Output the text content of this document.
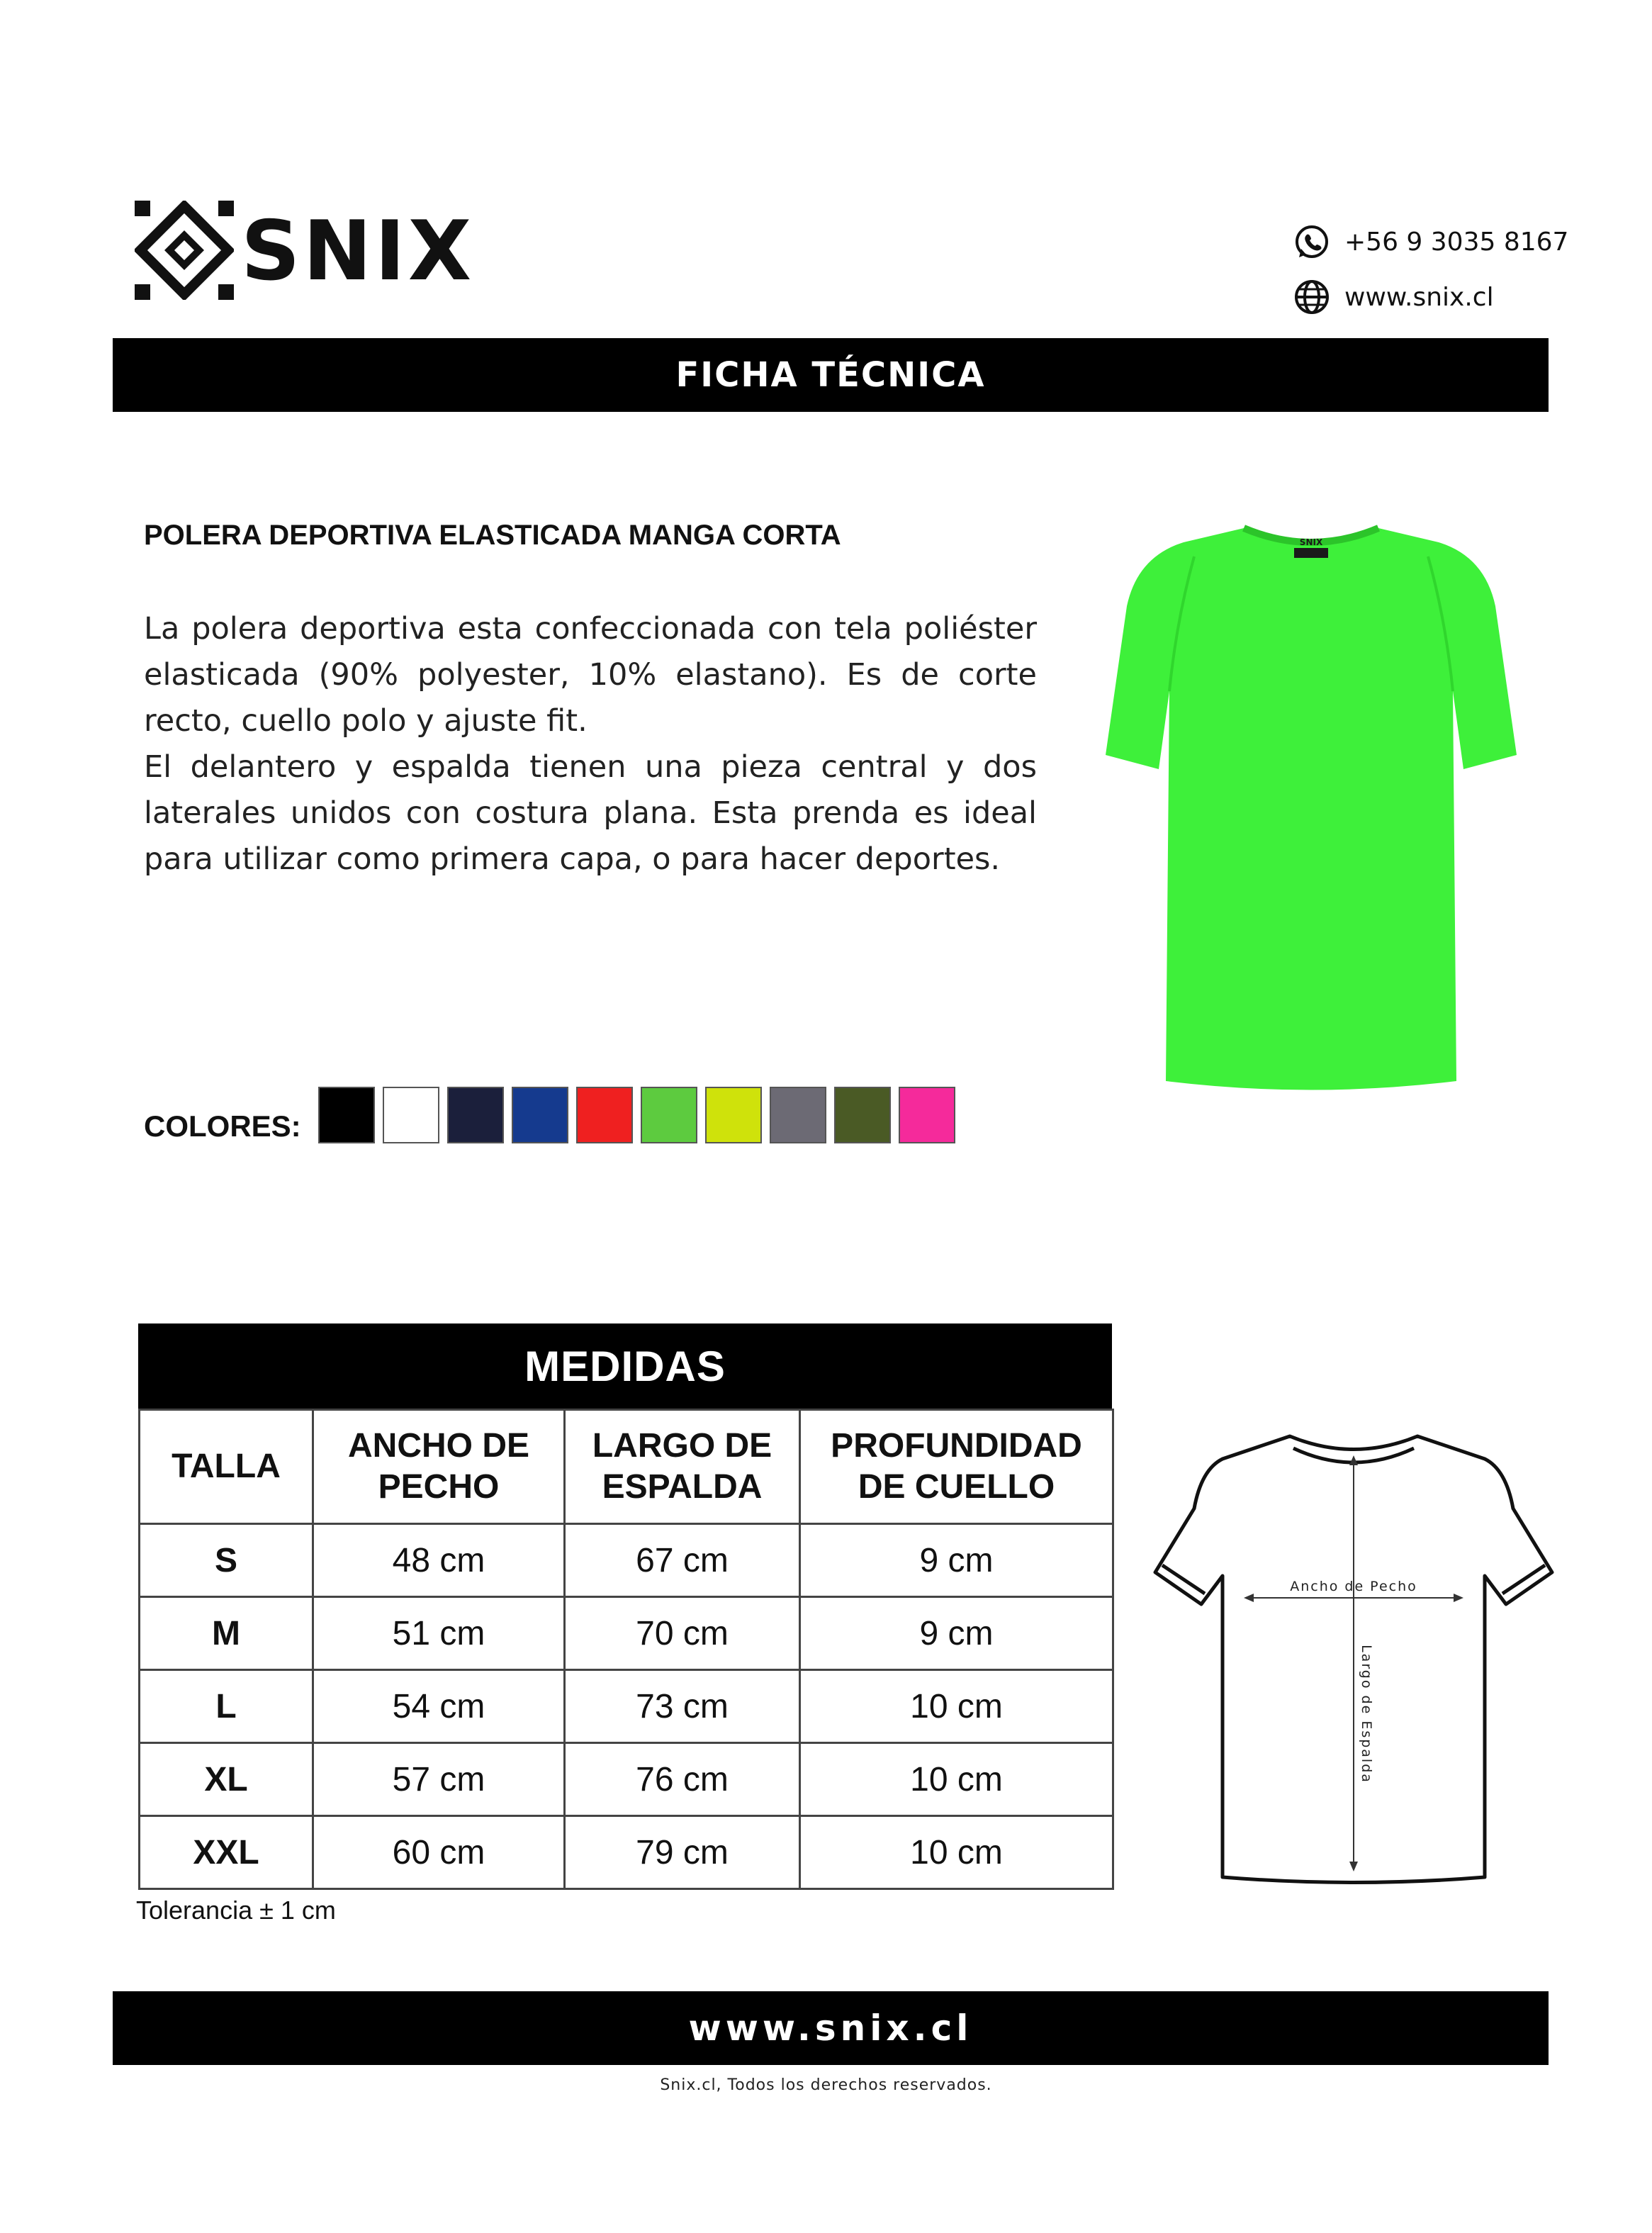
SNIX	+56 9 3035 8167
www.snix.cl
FICHA TÉCNICA
POLERA DEPORTIVA ELASTICADA MANGA CORTA

La polera deportiva esta confeccionada con tela poliéster elasticada (90% polyester, 10% elastano). Es de corte recto, cuello polo y ajuste fit.

El delantero y espalda tienen una pieza central y dos laterales unidos con costura plana. Esta prenda es ideal para utilizar como primera capa, o para hacer deportes.

SNIX
COLORES:
MEDIDAS
TALLA	ANCHO DE PECHO	LARGO DE ESPALDA	PROFUNDIDAD DE CUELLO
S	48 cm	67 cm	9 cm
M	51 cm	70 cm	9 cm
L	54 cm	73 cm	10 cm
XL	57 cm	76 cm	10 cm
XXL	60 cm	79 cm	10 cm
Tolerancia ± 1 cm
Ancho de Pecho
Largo de Espalda
www.snix.cl
Snix.cl, Todos los derechos reservados.
